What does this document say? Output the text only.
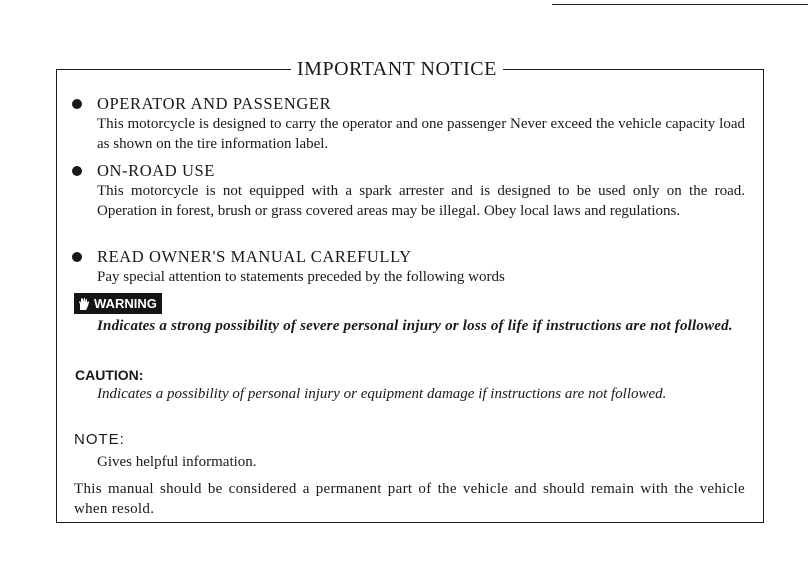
IMPORTANT NOTICE
OPERATOR AND PASSENGER
This motorcycle is designed to carry the operator and one passenger Never exceed the vehicle capacity load as shown on the tire information label.
ON-ROAD USE
This motorcycle is not equipped with a spark arrester and is designed to be used only on the road. Operation in forest, brush or grass covered areas may be illegal. Obey local laws and regulations.
READ OWNER'S MANUAL CAREFULLY
Pay special attention to statements preceded by the following words
WARNING
Indicates a strong possibility of severe personal injury or loss of life if instructions are not followed.
CAUTION:
Indicates a possibility of personal injury or equipment damage if instructions are not followed.
NOTE:
Gives helpful information.
This manual should be considered a permanent part of the vehicle and should remain with the vehicle when resold.
